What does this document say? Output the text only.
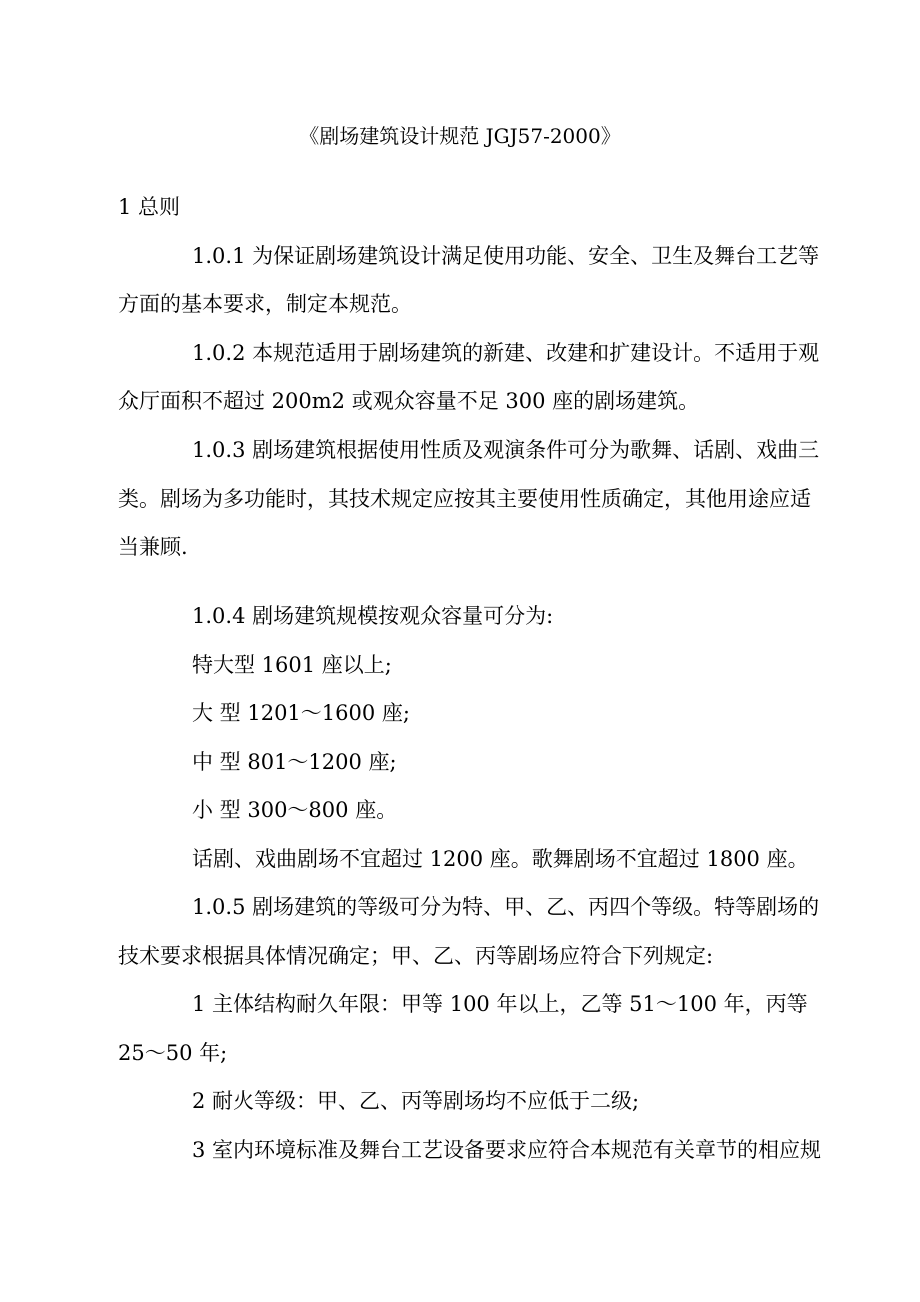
《剧场建筑设计规范 JGJ57-2000》
1 总则
1.0.1 为保证剧场建筑设计满足使用功能、安全、卫生及舞台工艺等
方面的基本要求，制定本规范。
1.0.2 本规范适用于剧场建筑的新建、改建和扩建设计。不适用于观
众厅面积不超过 200m2 或观众容量不足 300 座的剧场建筑。
1.0.3 剧场建筑根据使用性质及观演条件可分为歌舞、话剧、戏曲三
类。剧场为多功能时，其技术规定应按其主要使用性质确定，其他用途应适
当兼顾.
1.0.4 剧场建筑规模按观众容量可分为:
特大型 1601 座以上;
大 型 1201～1600 座;
中 型 801～1200 座;
小 型 300～800 座。
话剧、戏曲剧场不宜超过 1200 座。歌舞剧场不宜超过 1800 座。
1.0.5 剧场建筑的等级可分为特、甲、乙、丙四个等级。特等剧场的
技术要求根据具体情况确定；甲、乙、丙等剧场应符合下列规定:
1 主体结构耐久年限：甲等 100 年以上，乙等 51～100 年，丙等
25～50 年;
2 耐火等级：甲、乙、丙等剧场均不应低于二级;
3 室内环境标准及舞台工艺设备要求应符合本规范有关章节的相应规
